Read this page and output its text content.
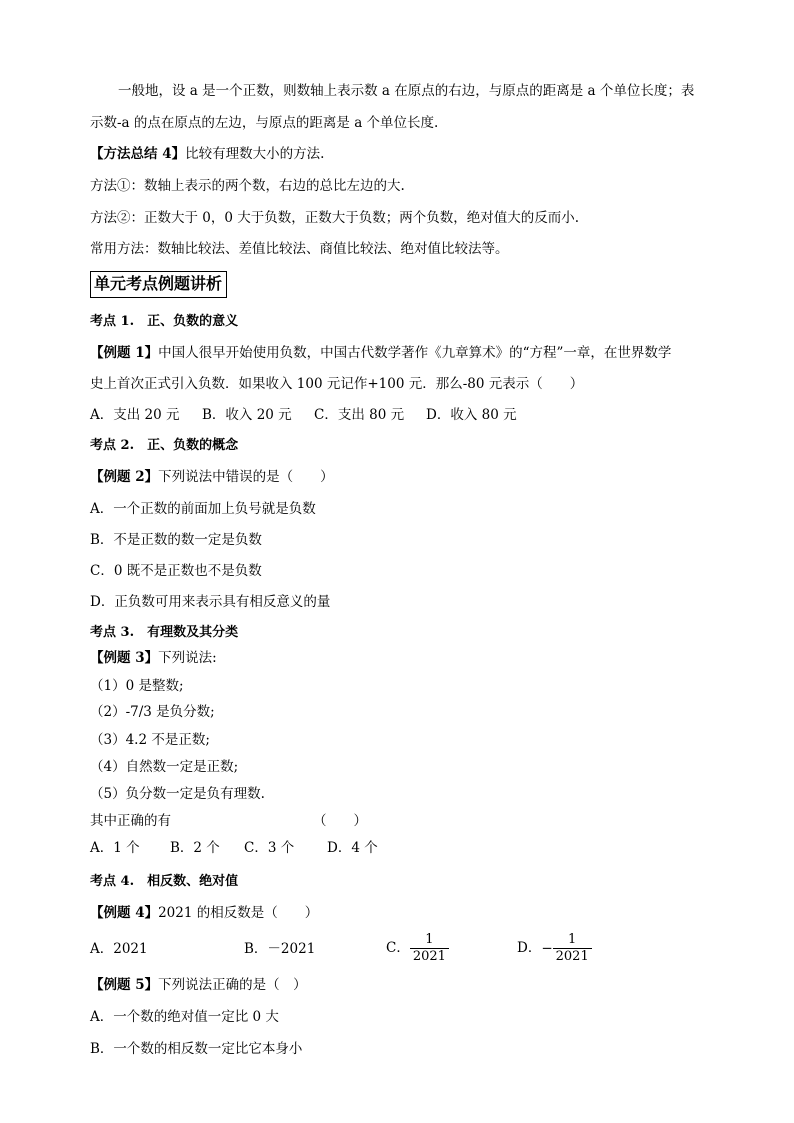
一般地，设 a 是一个正数，则数轴上表示数 a 在原点的右边，与原点的距离是 a 个单位长度；表
示数-a 的点在原点的左边，与原点的距离是 a 个单位长度.
【方法总结 4】比较有理数大小的方法.
方法①：数轴上表示的两个数，右边的总比左边的大.
方法②：正数大于 0，0 大于负数，正数大于负数；两个负数，绝对值大的反而小.
常用方法：数轴比较法、差值比较法、商值比较法、绝对值比较法等。
单元考点例题讲析
考点 1.　正、负数的意义
【例题 1】中国人很早开始使用负数，中国古代数学著作《九章算术》的“方程”一章，在世界数学
史上首次正式引入负数．如果收入 100 元记作+100 元．那么-80 元表示（　　）
A．支出 20 元 B．收入 20 元 C．支出 80 元 D．收入 80 元
考点 2.　正、负数的概念
【例题 2】下列说法中错误的是（　　）
A．一个正数的前面加上负号就是负数
B．不是正数的数一定是负数
C．0 既不是正数也不是负数
D．正负数可用来表示具有相反意义的量
考点 3.　有理数及其分类
【例题 3】下列说法:
（1）0 是整数;
（2）-7/3 是负分数;
（3）4.2 不是正数;
（4）自然数一定是正数;
（5）负分数一定是负有理数.
其中正确的有	（　　）
A．1 个 B．2 个 C．3 个 D．4 个
考点 4.　相反数、绝对值
【例题 4】2021 的相反数是（　　）
A．2021	B．－2021	C． $\frac{1}{2021}$	D．− $\frac{1}{2021}$
【例题 5】下列说法正确的是（　）
A．一个数的绝对值一定比 0 大
B．一个数的相反数一定比它本身小
